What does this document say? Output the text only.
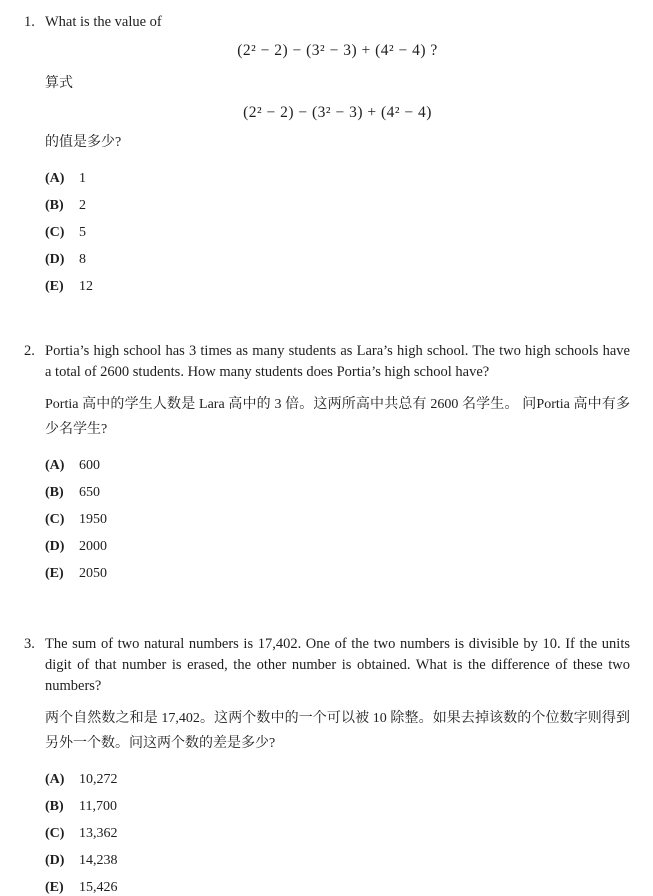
1. What is the value of

(2² − 2) − (3² − 3) + (4² − 4) ?

算式

(2² − 2) − (3² − 3) + (4² − 4)

的值是多少?

(A)	1
(B)	2
(C)	5
(D)	8
(E)	12
2. Portia’s high school has 3 times as many students as Lara’s high school. The two high schools have a total of 2600 students. How many students does Portia’s high school have?

Portia 高中的学生人数是 Lara 高中的 3 倍。这两所高中共总有 2600 名学生。 问Portia 高中有多少名学生?

(A)	600
(B)	650
(C)	1950
(D)	2000
(E)	2050
3. The sum of two natural numbers is 17,402. One of the two numbers is divisible by 10. If the units digit of that number is erased, the other number is obtained. What is the difference of these two numbers?

两个自然数之和是 17,402。这两个数中的一个可以被 10 除整。如果去掉该数的个位数字则得到另外一个数。问这两个数的差是多少?

(A)	10,272
(B)	11,700
(C)	13,362
(D)	14,238
(E)	15,426
